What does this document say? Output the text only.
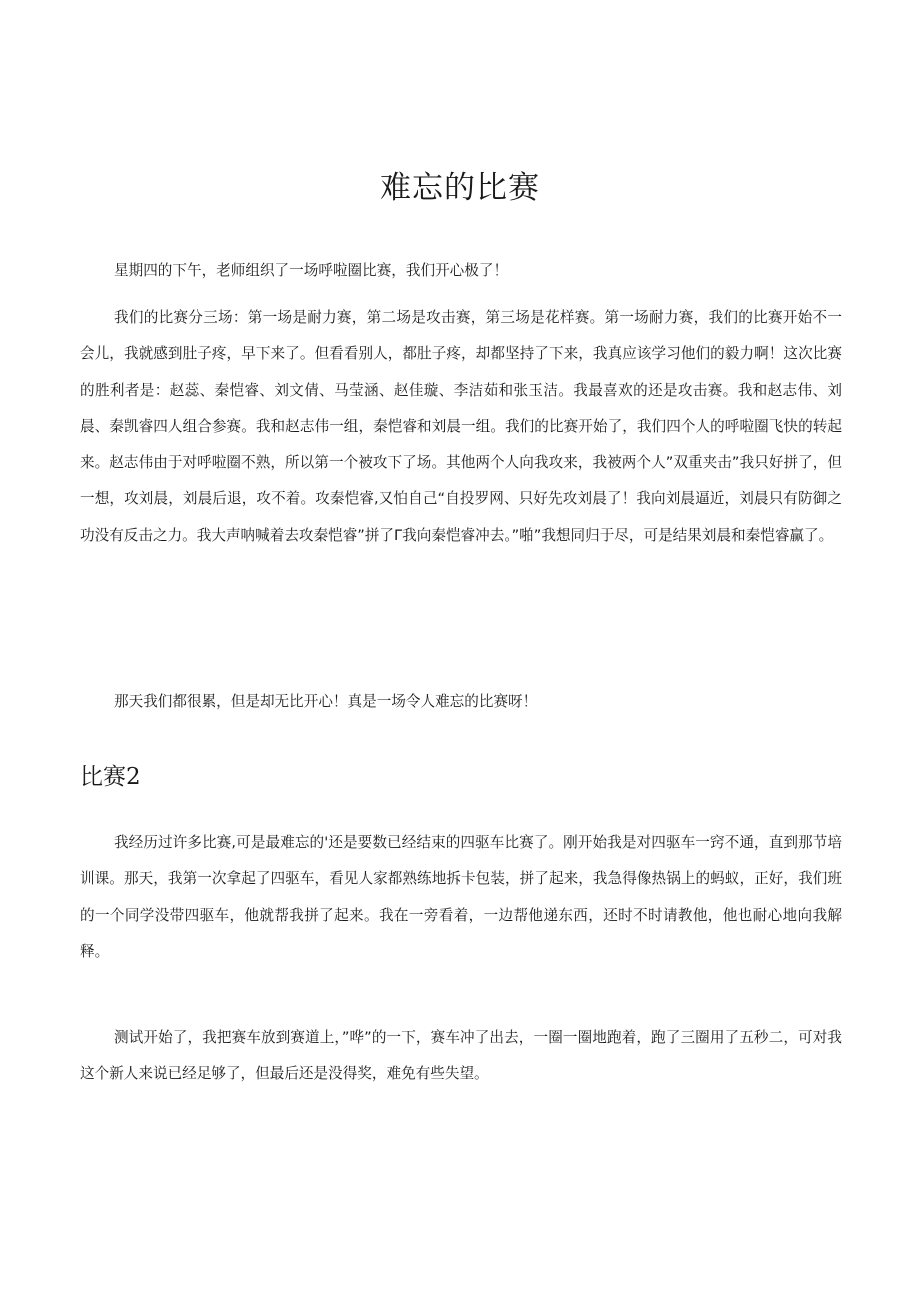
难忘的比赛

星期四的下午，老师组织了一场呼啦圈比赛，我们开心极了！

我们的比赛分三场：第一场是耐力赛，第二场是攻击赛，第三场是花样赛。第一场耐力赛，我们的比赛开始不一会儿，我就感到肚子疼，早下来了。但看看别人，都肚子疼，却都坚持了下来，我真应该学习他们的毅力啊！这次比赛的胜利者是：赵蕊、秦恺睿、刘文倩、马莹涵、赵佳璇、李洁茹和张玉洁。我最喜欢的还是攻击赛。我和赵志伟、刘晨、秦凯睿四人组合参赛。我和赵志伟一组，秦恺睿和刘晨一组。我们的比赛开始了，我们四个人的呼啦圈飞快的转起来。赵志伟由于对呼啦圈不熟，所以第一个被攻下了场。其他两个人向我攻来，我被两个人”双重夹击”我只好拼了，但一想，攻刘晨，刘晨后退，攻不着。攻秦恺睿,又怕自己“自投罗网、只好先攻刘晨了！我向刘晨逼近，刘晨只有防御之功没有反击之力。我大声呐喊着去攻秦恺睿”拼了Γ我向秦恺睿冲去。”啪”我想同归于尽，可是结果刘晨和秦恺睿赢了。

那天我们都很累，但是却无比开心！真是一场令人难忘的比赛呀！

比赛2

我经历过许多比赛,可是最难忘的'还是要数已经结束的四驱车比赛了。刚开始我是对四驱车一窍不通，直到那节培训课。那天，我第一次拿起了四驱车，看见人家都熟练地拆卡包装，拼了起来，我急得像热锅上的蚂蚁，正好，我们班的一个同学没带四驱车，他就帮我拼了起来。我在一旁看着，一边帮他递东西，还时不时请教他，他也耐心地向我解释。

测试开始了，我把赛车放到赛道上，”哗”的一下，赛车冲了出去，一圈一圈地跑着，跑了三圈用了五秒二，可对我这个新人来说已经足够了，但最后还是没得奖，难免有些失望。
